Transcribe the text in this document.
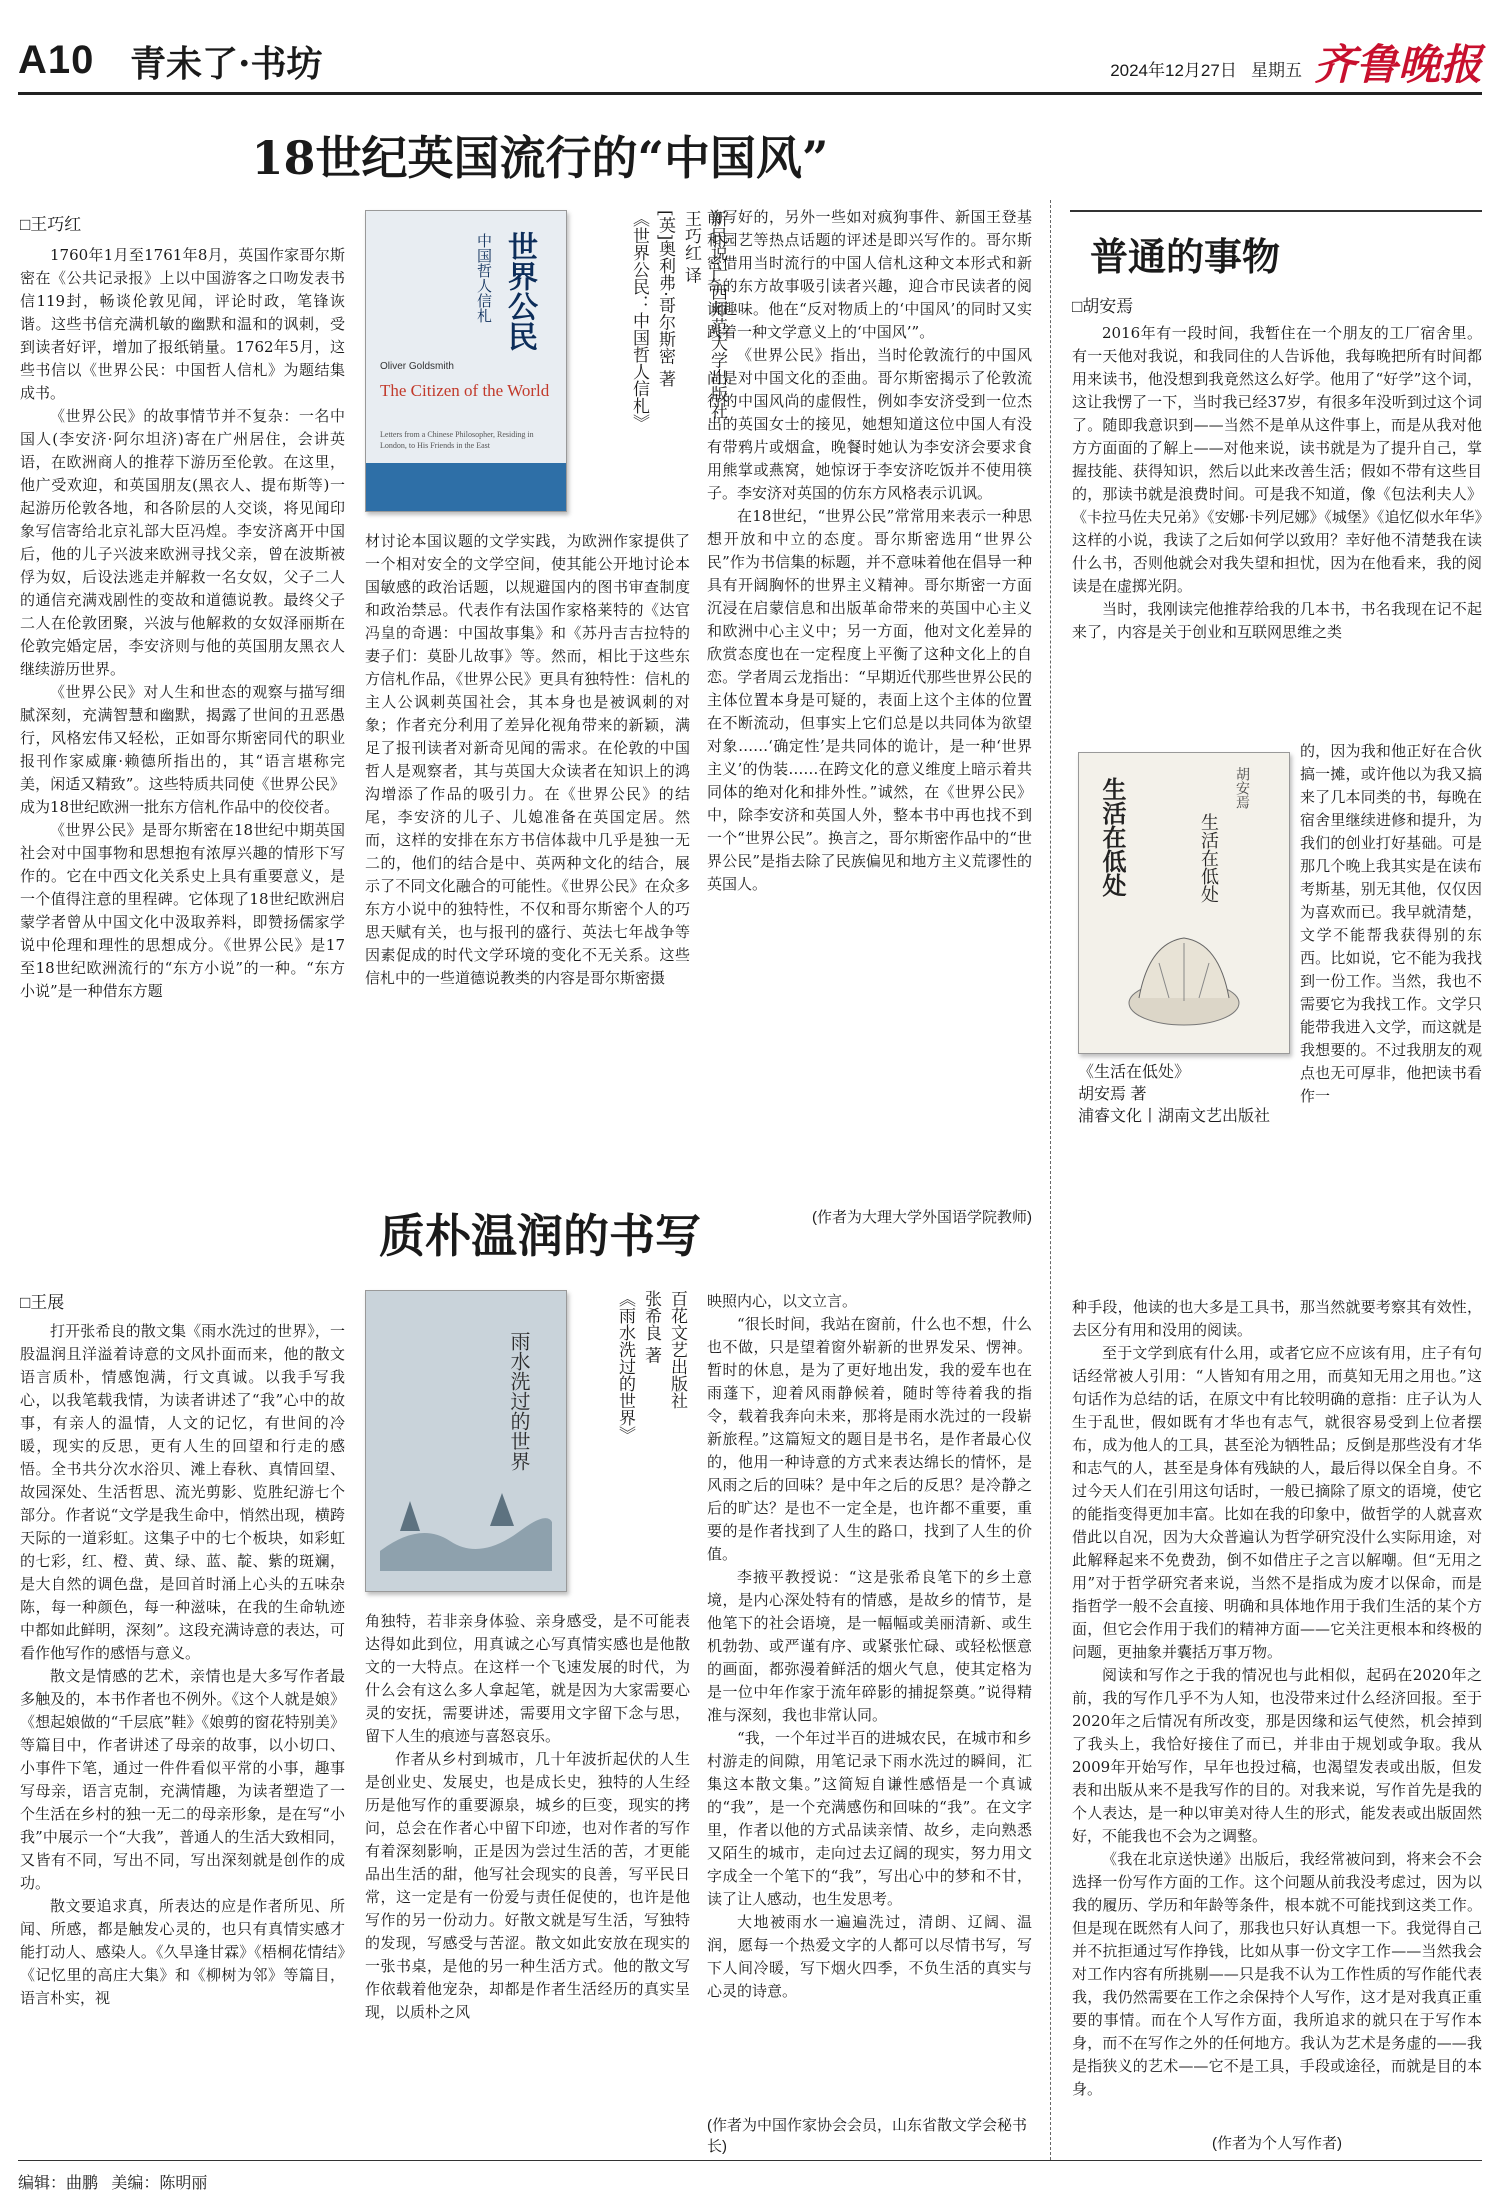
A10 青未了·书坊	2024年12月27日 星期五 齐鲁晚报
18世纪英国流行的“中国风”
□王巧红

1760年1月至1761年8月，英国作家哥尔斯密在《公共记录报》上以中国游客之口吻发表书信119封，畅谈伦敦见闻，评论时政，笔锋诙谐。这些书信充满机敏的幽默和温和的讽刺，受到读者好评，增加了报纸销量。1762年5月，这些书信以《世界公民：中国哲人信札》为题结集成书。

《世界公民》的故事情节并不复杂：一名中国人(李安济·阿尔坦济)寄在广州居住，会讲英语，在欧洲商人的推荐下游历至伦敦。在这里，他广受欢迎，和英国朋友(黑衣人、提布斯等)一起游历伦敦各地，和各阶层的人交谈，将见闻印象写信寄给北京礼部大臣冯煌。李安济离开中国后，他的儿子兴波来欧洲寻找父亲，曾在波斯被俘为奴，后设法逃走并解救一名女奴，父子二人的通信充满戏剧性的变故和道德说教。最终父子二人在伦敦团聚，兴波与他解救的女奴泽丽斯在伦敦完婚定居，李安济则与他的英国朋友黑衣人继续游历世界。

《世界公民》对人生和世态的观察与描写细腻深刻，充满智慧和幽默，揭露了世间的丑恶愚行，风格宏伟又轻松，正如哥尔斯密同代的职业报刊作家威廉·赖德所指出的，其“语言堪称完美，闲适又精致”。这些特质共同使《世界公民》成为18世纪欧洲一批东方信札作品中的佼佼者。

《世界公民》是哥尔斯密在18世纪中期英国社会对中国事物和思想抱有浓厚兴趣的情形下写作的。它在中西文化关系史上具有重要意义，是一个值得注意的里程碑。它体现了18世纪欧洲启蒙学者曾从中国文化中汲取养料，即赞扬儒家学说中伦理和理性的思想成分。《世界公民》是17至18世纪欧洲流行的“东方小说”的一种。“东方小说”是一种借东方题

世界公民
中国哲人信札
Oliver Goldsmith
The Citizen of the World
Letters from a Chinese Philosopher, Residing in London, to His Friends in the East
新民说·广西师范大学出版社
王巧红 译
[英]奥利弗·哥尔斯密 著
《世界公民：中国哲人信札》

材讨论本国议题的文学实践，为欧洲作家提供了一个相对安全的文学空间，使其能公开地讨论本国敏感的政治话题，以规避国内的图书审查制度和政治禁忌。代表作有法国作家格莱特的《达官冯皇的奇遇：中国故事集》和《苏丹吉吉拉特的妻子们：莫卧儿故事》等。然而，相比于这些东方信札作品，《世界公民》更具有独特性：信札的主人公讽刺英国社会，其本身也是被讽刺的对象；作者充分利用了差异化视角带来的新颖，满足了报刊读者对新奇见闻的需求。在伦敦的中国哲人是观察者，其与英国大众读者在知识上的鸿沟增添了作品的吸引力。在《世界公民》的结尾，李安济的儿子、儿媳准备在英国定居。然而，这样的安排在东方书信体裁中几乎是独一无二的，他们的结合是中、英两种文化的结合，展示了不同文化融合的可能性。《世界公民》在众多东方小说中的独特性，不仅和哥尔斯密个人的巧思天赋有关，也与报刊的盛行、英法七年战争等因素促成的时代文学环境的变化不无关系。这些信札中的一些道德说教类的内容是哥尔斯密摄

前写好的，另外一些如对疯狗事件、新国王登基和园艺等热点话题的评述是即兴写作的。哥尔斯密借用当时流行的中国人信札这种文本形式和新奇的东方故事吸引读者兴趣，迎合市民读者的阅读趣味。他在“反对物质上的‘中国风’的同时又实践着一种文学意义上的‘中国风’”。

《世界公民》指出，当时伦敦流行的中国风尚是对中国文化的歪曲。哥尔斯密揭示了伦敦流行的中国风尚的虚假性，例如李安济受到一位杰出的英国女士的接见，她想知道这位中国人有没有带鸦片或烟盒，晚餐时她认为李安济会要求食用熊掌或燕窝，她惊讶于李安济吃饭并不使用筷子。李安济对英国的仿东方风格表示讥讽。

在18世纪，“世界公民”常常用来表示一种思想开放和中立的态度。哥尔斯密选用“世界公民”作为书信集的标题，并不意味着他在倡导一种具有开阔胸怀的世界主义精神。哥尔斯密一方面沉浸在启蒙信息和出版革命带来的英国中心主义和欧洲中心主义中；另一方面，他对文化差异的欣赏态度也在一定程度上平衡了这种文化上的自恋。学者周云龙指出：“早期近代那些世界公民的主体位置本身是可疑的，表面上这个主体的位置在不断流动，但事实上它们总是以共同体为欲望对象……‘确定性’是共同体的诡计，是一种‘世界主义’的伪装……在跨文化的意义维度上暗示着共同体的绝对化和排外性。”诚然，在《世界公民》中，除李安济和英国人外，整本书中再也找不到一个“世界公民”。换言之，哥尔斯密作品中的“世界公民”是指去除了民族偏见和地方主义荒谬性的英国人。

(作者为大理大学外国语学院教师)
普通的事物
□胡安焉

2016年有一段时间，我暂住在一个朋友的工厂宿舍里。有一天他对我说，和我同住的人告诉他，我每晚把所有时间都用来读书，他没想到我竟然这么好学。他用了“好学”这个词，这让我愣了一下，当时我已经37岁，有很多年没听到过这个词了。随即我意识到——当然不是单从这件事上，而是从我对他方方面面的了解上——对他来说，读书就是为了提升自己，掌握技能、获得知识，然后以此来改善生活；假如不带有这些目的，那读书就是浪费时间。可是我不知道，像《包法利夫人》《卡拉马佐夫兄弟》《安娜·卡列尼娜》《城堡》《追忆似水年华》这样的小说，我读了之后如何学以致用？幸好他不清楚我在读什么书，否则他就会对我失望和担忧，因为在他看来，我的阅读是在虚掷光阴。

当时，我刚读完他推荐给我的几本书，书名我现在记不起来了，内容是关于创业和互联网思维之类

生活在低处	胡安焉
生活在低处

的，因为我和他正好在合伙搞一摊，或许他以为我又搞来了几本同类的书，每晚在宿舍里继续进修和提升，为我们的创业打好基础。可是那几个晚上我其实是在读布考斯基，别无其他，仅仅因为喜欢而已。我早就清楚，文学不能帮我获得别的东西。比如说，它不能为我找到一份工作。当然，我也不需要它为我找工作。文学只能带我进入文学，而这就是我想要的。不过我朋友的观点也无可厚非，他把读书看作一

《生活在低处》
胡安焉 著
浦睿文化丨湖南文艺出版社

种手段，他读的也大多是工具书，那当然就要考察其有效性，去区分有用和没用的阅读。

至于文学到底有什么用，或者它应不应该有用，庄子有句话经常被人引用：“人皆知有用之用，而莫知无用之用也。”这句话作为总结的话，在原文中有比较明确的意指：庄子认为人生于乱世，假如既有才华也有志气，就很容易受到上位者摆布，成为他人的工具，甚至沦为牺牲品；反倒是那些没有才华和志气的人，甚至是身体有残缺的人，最后得以保全自身。不过今天人们在引用这句话时，一般已摘除了原文的语境，使它的能指变得更加丰富。比如在我的印象中，做哲学的人就喜欢借此以自况，因为大众普遍认为哲学研究没什么实际用途，对此解释起来不免费劲，倒不如借庄子之言以解嘲。但“无用之用”对于哲学研究者来说，当然不是指成为废才以保命，而是指哲学一般不会直接、明确和具体地作用于我们生活的某个方面，但它会作用于我们的精神方面——它关注更根本和终极的问题，更抽象并囊括万事万物。

阅读和写作之于我的情况也与此相似，起码在2020年之前，我的写作几乎不为人知，也没带来过什么经济回报。至于2020年之后情况有所改变，那是因缘和运气使然，机会掉到了我头上，我恰好接住了而已，并非由于规划或争取。我从2009年开始写作，早年也投过稿，也渴望发表或出版，但发表和出版从来不是我写作的目的。对我来说，写作首先是我的个人表达，是一种以审美对待人生的形式，能发表或出版固然好，不能我也不会为之调整。

《我在北京送快递》出版后，我经常被问到，将来会不会选择一份写作方面的工作。这个问题从前我没考虑过，因为以我的履历、学历和年龄等条件，根本就不可能找到这类工作。但是现在既然有人问了，那我也只好认真想一下。我觉得自己并不抗拒通过写作挣钱，比如从事一份文字工作——当然我会对工作内容有所挑剔——只是我不认为工作性质的写作能代表我，我仍然需要在工作之余保持个人写作，这才是对我真正重要的事情。而在个人写作方面，我所追求的就只在于写作本身，而不在写作之外的任何地方。我认为艺术是务虚的——我是指狭义的艺术——它不是工具，手段或途径，而就是目的本身。

(作者为个人写作者)
质朴温润的书写
□王展

打开张希良的散文集《雨水洗过的世界》，一股温润且洋溢着诗意的文风扑面而来，他的散文语言质朴，情感饱满，行文真诚。以我手写我心，以我笔载我情，为读者讲述了“我”心中的故事，有亲人的温情，人文的记忆，有世间的冷暖，现实的反思，更有人生的回望和行走的感悟。全书共分次水浴贝、滩上春秋、真情回望、故园深处、生活哲思、流光剪影、览胜纪游七个部分。作者说“文学是我生命中，悄然出现，横跨天际的一道彩虹。这集子中的七个板块，如彩虹的七彩，红、橙、黄、绿、蓝、靛、紫的斑斓，是大自然的调色盘，是回首时涌上心头的五味杂陈，每一种颜色，每一种滋味，在我的生命轨迹中都如此鲜明，深刻”。这段充满诗意的表达，可看作他写作的感悟与意义。

散文是情感的艺术，亲情也是大多写作者最多触及的，本书作者也不例外。《这个人就是娘》《想起娘做的“千层底”鞋》《娘剪的窗花特别美》等篇目中，作者讲述了母亲的故事，以小切口、小事件下笔，通过一件件看似平常的小事，趣事写母亲，语言克制，充满情趣，为读者塑造了一个生活在乡村的独一无二的母亲形象，是在写“小我”中展示一个“大我”，普通人的生活大致相同，又皆有不同，写出不同，写出深刻就是创作的成功。

散文要追求真，所表达的应是作者所见、所闻、所感，都是触发心灵的，也只有真情实感才能打动人、感染人。《久旱逢甘霖》《梧桐花情结》《记忆里的高庄大集》和《柳树为邻》等篇目，语言朴实，视

雨水洗过的世界	百花文艺出版社
张希良 著
《雨水洗过的世界》

角独特，若非亲身体验、亲身感受，是不可能表达得如此到位，用真诚之心写真情实感也是他散文的一大特点。在这样一个飞速发展的时代，为什么会有这么多人拿起笔，就是因为大家需要心灵的安抚，需要讲述，需要用文字留下念与思，留下人生的痕迹与喜怒哀乐。

作者从乡村到城市，几十年波折起伏的人生是创业史、发展史，也是成长史，独特的人生经历是他写作的重要源泉，城乡的巨变，现实的拷问，总会在作者心中留下印迹，也对作者的写作有着深刻影响，正是因为尝过生活的苦，才更能品出生活的甜，他写社会现实的良善，写平民日常，这一定是有一份爱与责任促使的，也许是他写作的另一份动力。好散文就是写生活，写独特的发现，写感受与苦涩。散文如此安放在现实的一张书桌，是他的另一种生活方式。他的散文写作依载着他宠杂，却都是作者生活经历的真实呈现，以质朴之风

映照内心，以文立言。

“很长时间，我站在窗前，什么也不想，什么也不做，只是望着窗外崭新的世界发呆、愣神。暂时的休息，是为了更好地出发，我的爱车也在雨蓬下，迎着风雨静候着，随时等待着我的指令，载着我奔向未来，那将是雨水洗过的一段崭新旅程。”这篇短文的题目是书名，是作者最心仪的，他用一种诗意的方式来表达绵长的情怀，是风雨之后的回味？是中年之后的反思？是冷静之后的旷达？是也不一定全是，也许都不重要，重要的是作者找到了人生的路口，找到了人生的价值。

李掖平教授说：“这是张希良笔下的乡土意境，是内心深处特有的情感，是故乡的情节，是他笔下的社会语境，是一幅幅或美丽清新、或生机勃勃、或严谨有序、或紧张忙碌、或轻松惬意的画面，都弥漫着鲜活的烟火气息，使其定格为是一位中年作家于流年碎影的捕捉祭奠。”说得精准与深刻，我也非常认同。

“我，一个年过半百的进城农民，在城市和乡村游走的间隙，用笔记录下雨水洗过的瞬间，汇集这本散文集。”这简短自谦性感悟是一个真诚的“我”，是一个充满感伤和回味的“我”。在文字里，作者以他的方式品读亲情、故乡，走向熟悉又陌生的城市，走向过去辽阔的现实，努力用文字成全一个笔下的“我”，写出心中的梦和不甘，读了让人感动，也生发思考。

大地被雨水一遍遍洗过，清朗、辽阔、温润，愿每一个热爱文字的人都可以尽情书写，写下人间冷暖，写下烟火四季，不负生活的真实与心灵的诗意。

(作者为中国作家协会会员，山东省散文学会秘书长)
编辑：曲鹏 美编：陈明丽
